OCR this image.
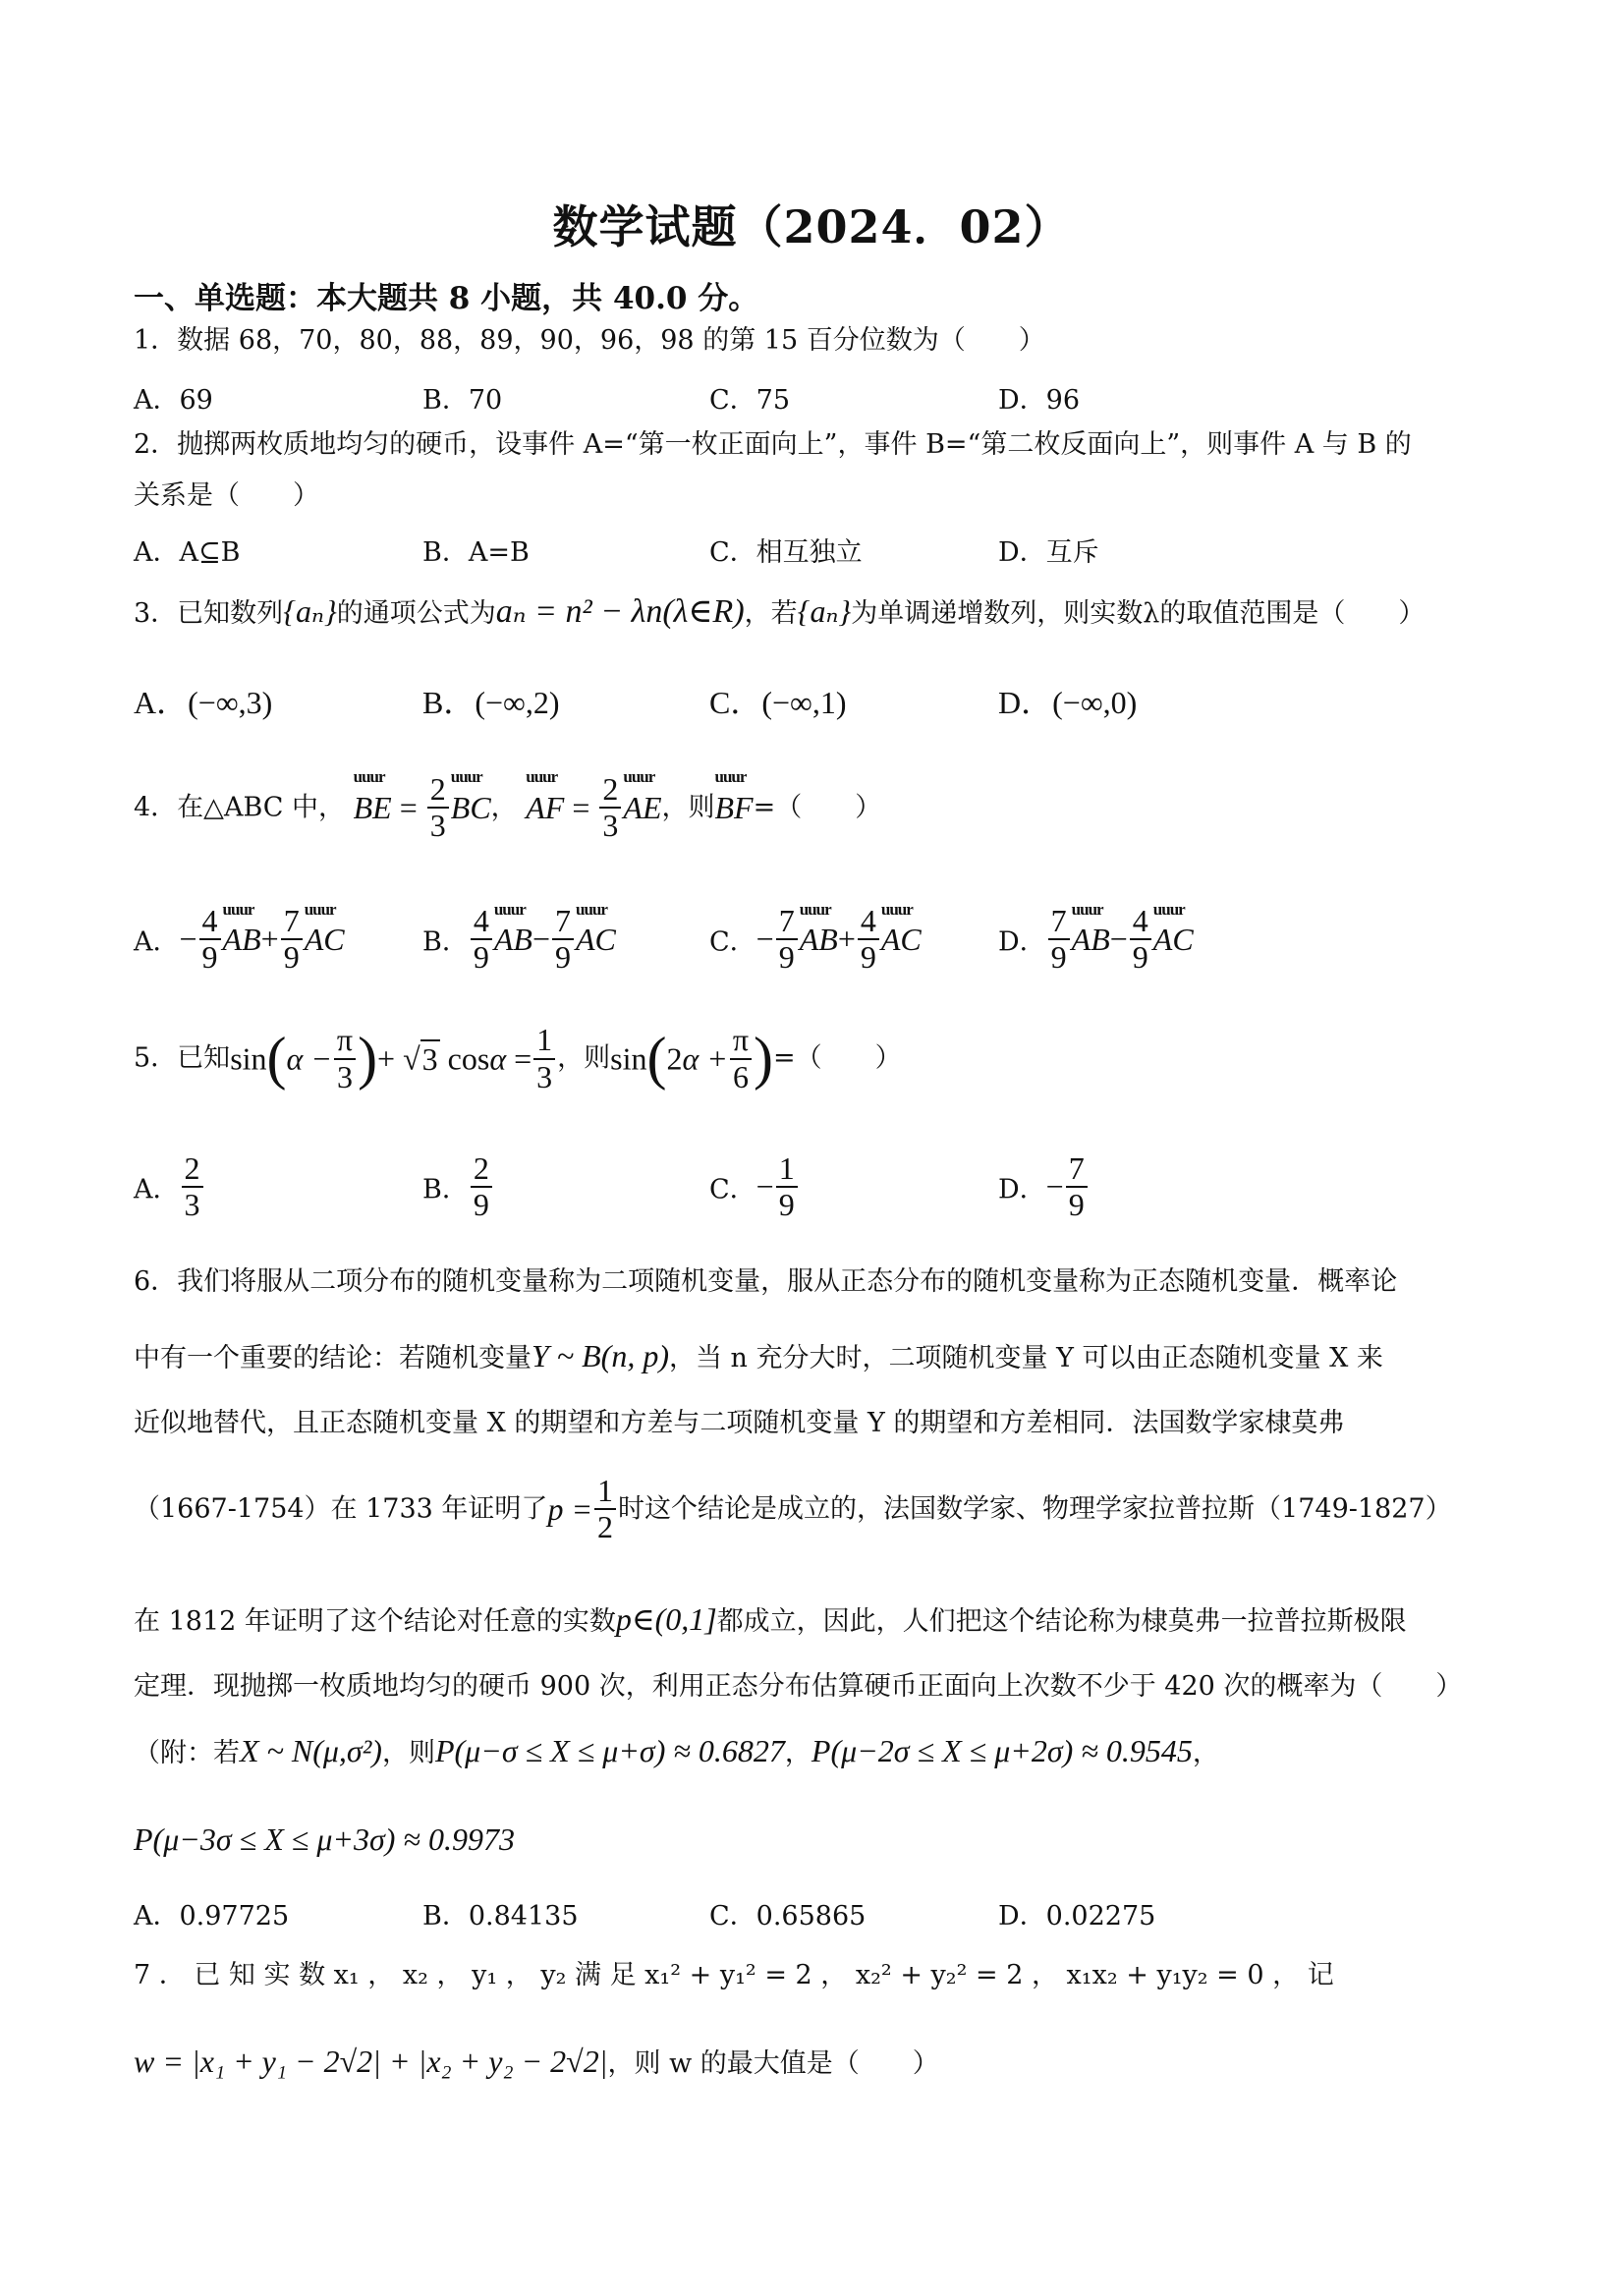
数学试题（2024．02）
一、单选题：本大题共 8 小题，共 40.0 分。
1．数据 68，70，80，88，89，90，96，98 的第 15 百分位数为（　　）
A．69	B．70	C．75	D．96
2．抛掷两枚质地均匀的硬币，设事件 A=“第一枚正面向上”，事件 B=“第二枚反面向上”，则事件 A 与 B 的
关系是（　　）
A．A⊆B	B．A=B	C．相互独立	D．互斥
3．已知数列{aₙ}的通项公式为aₙ = n² − λn(λ∈R)，若{aₙ}为单调递增数列，则实数λ的取值范围是（　　）
A．(−∞,3)	B．(−∞,2)	C．(−∞,1)	D．(−∞,0)
4．在△ABC 中， uuur BE = $\frac{2}{3}$ uuur BC， uuur AF = $\frac{2}{3}$ uuur AE，则uuur BF=（　　）
A．− $\frac{4}{9}$ uuur $AB+ \frac{7}{9}$ uuur AC	B． $\frac{4}{9}$ uuur $AB- \frac{7}{9}$ uuur AC	C．− $\frac{7}{9}$ uuur $AB+ \frac{4}{9}$ uuur AC	D． $\frac{7}{9}$ uuur $AB- \frac{4}{9}$ uuur AC
5．已知$\sin(\alpha - \frac{\pi}{3}$ )+ √3 $\cos\alpha = \frac{1}{3}$ ，则$\sin(2\alpha + \frac{\pi}{6}$ )=（　　）
A． $\frac{2}{3}$	B． $\frac{2}{9}$	C．− $\frac{1}{9}$	D．− $\frac{7}{9}$
6．我们将服从二项分布的随机变量称为二项随机变量，服从正态分布的随机变量称为正态随机变量．概率论
中有一个重要的结论：若随机变量Y ~ B(n, p)，当 n 充分大时，二项随机变量 Y 可以由正态随机变量 X 来
近似地替代，且正态随机变量 X 的期望和方差与二项随机变量 Y 的期望和方差相同．法国数学家棣莫弗
（1667-1754）在 1733 年证明了$p = \frac{1}{2}$ 时这个结论是成立的，法国数学家、物理学家拉普拉斯（1749-1827）
在 1812 年证明了这个结论对任意的实数p∈(0,1]都成立，因此，人们把这个结论称为棣莫弗一拉普拉斯极限
定理．现抛掷一枚质地均匀的硬币 900 次，利用正态分布估算硬币正面向上次数不少于 420 次的概率为（　　）
（附：若X ~ N(μ,σ²)，则P(μ−σ ≤ X ≤ μ+σ) ≈ 0.6827，P(μ−2σ ≤ X ≤ μ+2σ) ≈ 0.9545，
P(μ−3σ ≤ X ≤ μ+3σ) ≈ 0.9973
A．0.97725	B．0.84135	C．0.65865	D．0.02275
7 ． 已 知 实 数 x₁ ， x₂ ， y₁ ， y₂ 满 足 x₁² + y₁² = 2 ， x₂² + y₂² = 2 ， x₁x₂ + y₁y₂ = 0 ， 记
w = |x₁ + y₁ − 2√2| + |x₂ + y₂ − 2√2|，则 w 的最大值是（　　）
